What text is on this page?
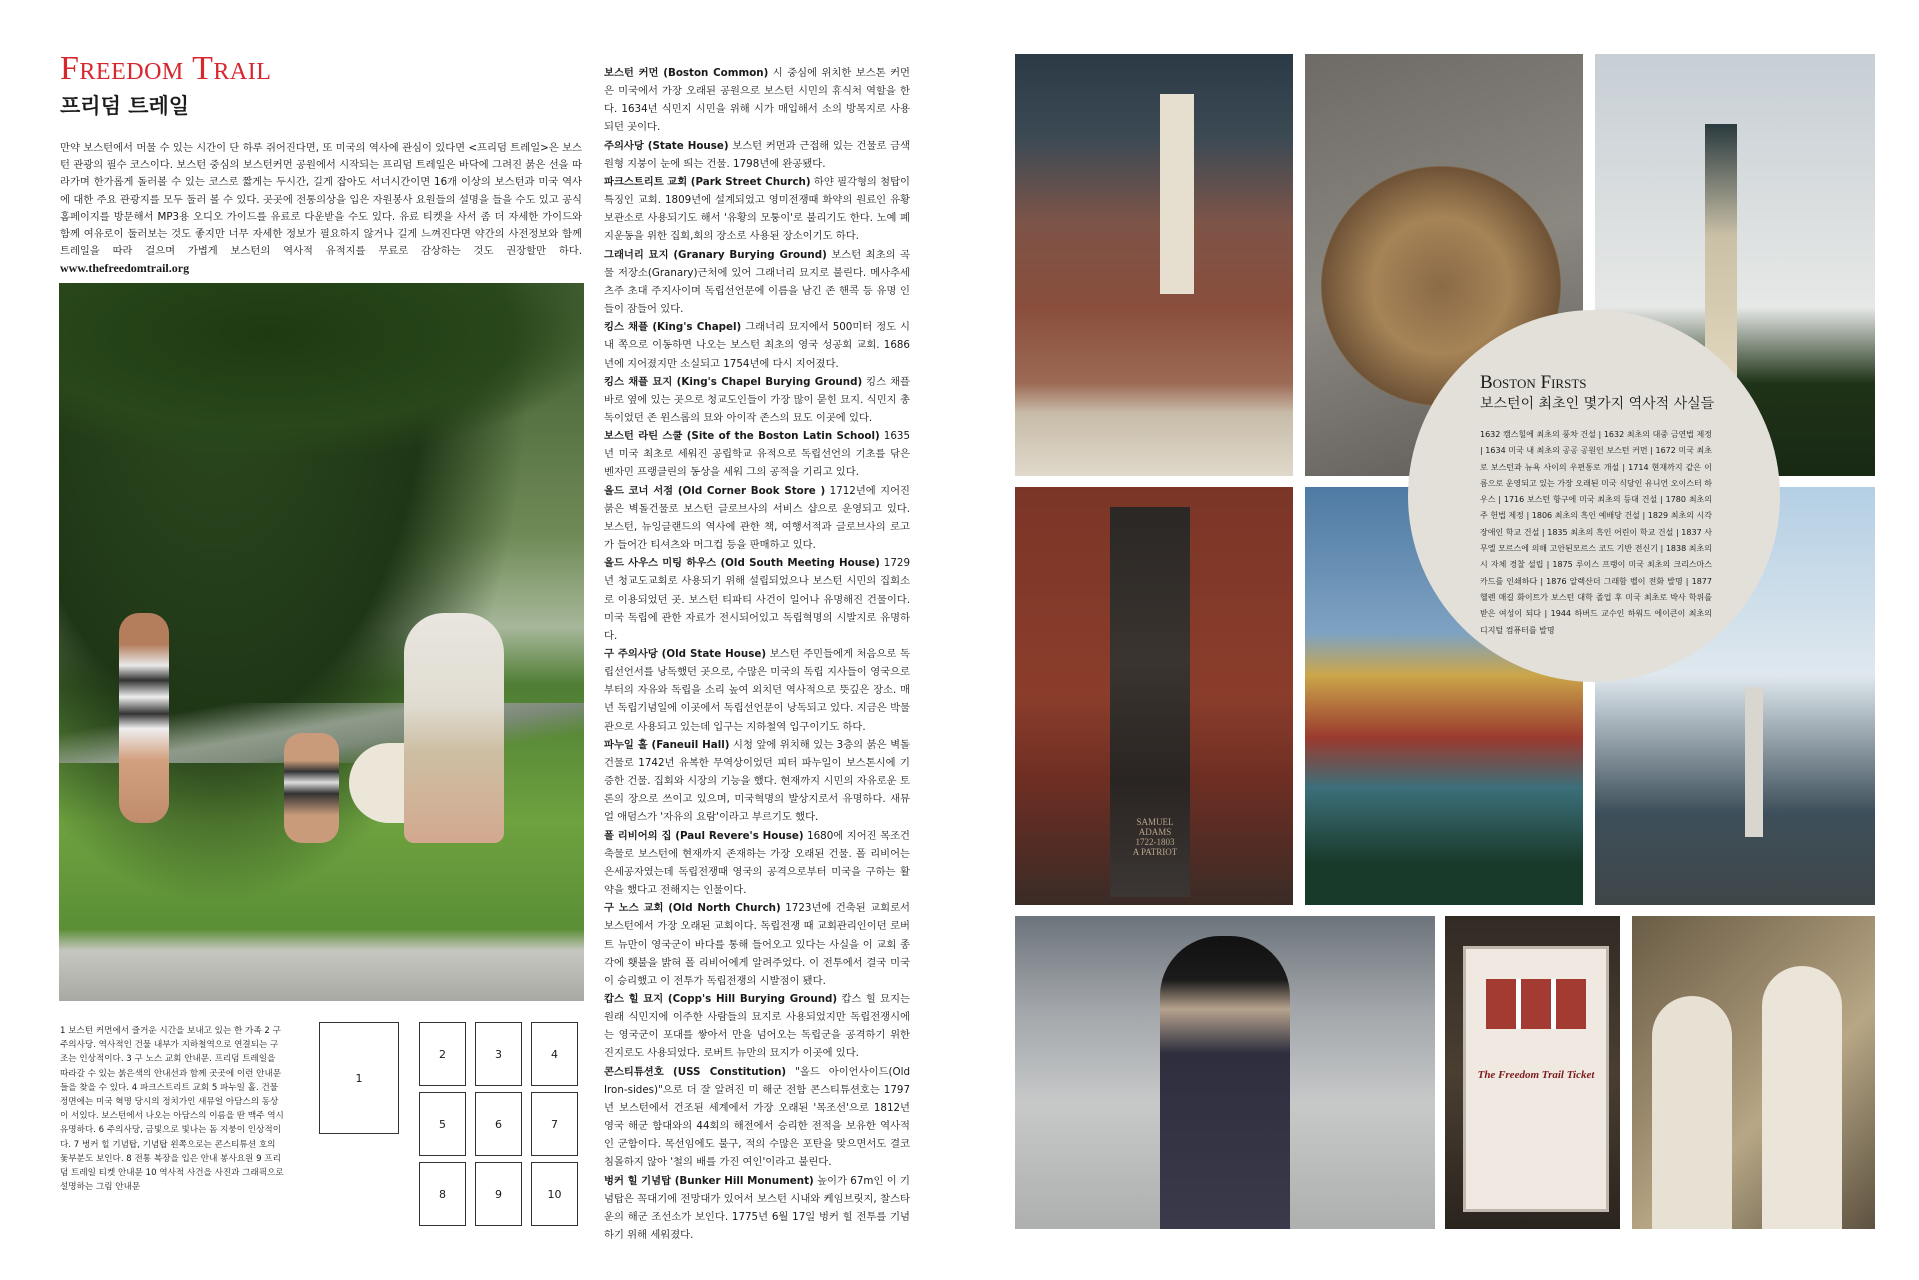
Freedom Trail
프리덤 트레일
만약 보스턴에서 머물 수 있는 시간이 단 하루 쥐어진다면, 또 미국의 역사에 관심이 있다면 <프리덤 트레일>은 보스턴 관광의 필수 코스이다. 보스턴 중심의 보스턴커먼 공원에서 시작되는 프리덤 트레일은 바닥에 그려진 붉은 선을 따라가며 한가롭게 돌러볼 수 있는 코스로 짧게는 두시간, 길게 잡아도 서너시간이면 16개 이상의 보스턴과 미국 역사에 대한 주요 관광지를 모두 둘러 볼 수 있다. 곳곳에 전통의상을 입은 자원봉사 요원들의 설명을 들을 수도 있고 공식 홈페이지를 방문해서 MP3용 오디오 가이드를 유료로 다운받을 수도 있다. 유료 티켓을 사서 좀 더 자세한 가이드와 함께 여유로이 둘러보는 것도 좋지만 너무 자세한 정보가 필요하지 않거나 길게 느껴진다면 약간의 사전정보와 함께 트레일을 따라 걸으며 가볍게 보스턴의 역사적 유적지를 무료로 감상하는 것도 권장할만 하다. www.thefreedomtrail.org
1 보스턴 커먼에서 즐거운 시간을 보내고 있는 한 가족 2 구 주의사당. 역사적인 건물 내부가 지하철역으로 연결되는 구조는 인상적이다. 3 구 노스 교회 안내문. 프리덤 트레일을 따라갈 수 있는 붉은색의 안내선과 함께 곳곳에 이런 안내문들을 찾을 수 있다. 4 파크스트리트 교회 5 파누일 홀. 건물 정면에는 미국 혁명 당시의 정치가인 새뮤얼 아담스의 동상이 서있다. 보스턴에서 나오는 아담스의 이름을 딴 맥주 역시 유명하다. 6 주의사당, 금빛으로 빛나는 돔 지붕이 인상적이다. 7 벙커 힐 기념탑, 기념탑 왼쪽으로는 콘스티튜션 호의 돛부분도 보인다. 8 전통 복장을 입은 안내 봉사요원 9 프리덤 트레일 티켓 안내문 10 역사적 사건을 사진과 그래픽으로 설명하는 그림 안내문
1
2	3	4
5	6	7
8	9	10

보스턴 커먼 (Boston Common) 시 중심에 위치한 보스톤 커먼은 미국에서 가장 오래된 공원으로 보스턴 시민의 휴식처 역할을 한다. 1634년 식민지 시민을 위해 시가 매입해서 소의 방목지로 사용되던 곳이다.

주의사당 (State House) 보스턴 커먼과 근접해 있는 건물로 금색 원형 지붕이 눈에 띄는 건물. 1798년에 완공됐다.

파크스트리트 교회 (Park Street Church) 하얀 필각형의 첨탑이 특징인 교회. 1809년에 설계되었고 영미전쟁때 화약의 원료인 유황 보관소로 사용되기도 해서 '유황의 모퉁이'로 불리기도 한다. 노예 폐지운동을 위한 집회,회의 장소로 사용된 장소이기도 하다.

그래너리 묘지 (Granary Burying Ground) 보스턴 최초의 곡물 저장소(Granary)근처에 있어 그래너리 묘지로 불린다. 메사추세츠주 초대 주지사이며 독립선언문에 이름을 남긴 존 핸콕 등 유명 인들이 잠들어 있다.

킹스 채플 (King's Chapel) 그래너리 묘지에서 500미터 정도 시내 쪽으로 이동하면 나오는 보스턴 최초의 영국 성공회 교회. 1686년에 지어졌지만 소실되고 1754년에 다시 지어졌다.

킹스 채플 묘지 (King's Chapel Burying Ground) 킹스 채플 바로 옆에 있는 곳으로 청교도인들이 가장 많이 묻힌 묘지. 식민지 총독이었던 존 윈스롭의 묘와 아이작 존스의 묘도 이곳에 있다.

보스턴 라틴 스쿨 (Site of the Boston Latin School) 1635년 미국 최초로 세워진 공립학교 유적으로 독립선언의 기초를 닦은 벤자민 프랭클린의 동상을 세워 그의 공적을 기리고 있다.

올드 코너 서점 (Old Corner Book Store ) 1712년에 지어진 붉은 벽돌건물로 보스턴 글로브사의 서비스 샵으로 운영되고 있다. 보스턴, 뉴잉글랜드의 역사에 관한 책, 여행서적과 글로브사의 로고가 들어간 티셔츠와 머그컵 등을 판매하고 있다.

올드 사우스 미팅 하우스 (Old South Meeting House) 1729년 청교도교회로 사용되기 위해 설립되었으나 보스턴 시민의 집회소로 이용되었던 곳. 보스턴 티파티 사건이 일어나 유명해진 건물이다. 미국 독립에 관한 자료가 전시되어있고 독립혁명의 시발지로 유명하다.

구 주의사당 (Old State House) 보스턴 주민들에게 처음으로 독립선언서를 낭독했던 곳으로, 수많은 미국의 독립 지사들이 영국으로부터의 자유와 독립을 소리 높여 외치던 역사적으로 뜻깊은 장소. 매년 독립기념일에 이곳에서 독립선언문이 낭독되고 있다. 지금은 박물관으로 사용되고 있는데 입구는 지하철역 입구이기도 하다.

파누일 홀 (Faneuil Hall) 시청 앞에 위치해 있는 3층의 붉은 벽돌건물로 1742년 유복한 무역상이었던 피터 파누일이 보스톤시에 기증한 건물. 집회와 시장의 기능을 했다. 현재까지 시민의 자유로운 토론의 장으로 쓰이고 있으며, 미국혁명의 발상지로서 유명하다. 새뮤얼 애덤스가 '자유의 요람'이라고 부르기도 했다.

폴 리비어의 집 (Paul Revere's House) 1680에 지어진 목조건축물로 보스턴에 현재까지 존재하는 가장 오래된 건물. 폴 리비어는 은세공자였는데 독립전쟁때 영국의 공격으로부터 미국을 구하는 활약을 했다고 전해지는 인물이다.

구 노스 교회 (Old North Church) 1723년에 건축된 교회로서 보스턴에서 가장 오래된 교회이다. 독립전쟁 때 교회관리인이던 로버트 뉴만이 영국군이 바다를 통해 들어오고 있다는 사실을 이 교회 종각에 횃불을 밝혀 폴 리비어에게 알려주었다. 이 전투에서 결국 미국이 승리했고 이 전투가 독립전쟁의 시발점이 됐다.

캅스 힐 묘지 (Copp's Hill Burying Ground) 캅스 힐 묘지는 원래 식민지에 이주한 사람들의 묘지로 사용되었지만 독립전쟁시에는 영국군이 포대를 쌓아서 만을 넘어오는 독립군을 공격하기 위한 진지로도 사용되었다. 로버트 뉴만의 묘지가 이곳에 있다.

콘스티튜션호 (USS Constitution) "올드 아이언사이드(Old Iron-sides)"으로 더 잘 알려진 미 해군 전함 콘스티튜션호는 1797년 보스턴에서 건조된 세계에서 가장 오래된 '목조선'으로 1812년 영국 해군 함대와의 44회의 해전에서 승리한 전적을 보유한 역사적인 군함이다. 목선임에도 불구, 적의 수많은 포탄을 맞으면서도 결코 침몰하지 않아 '철의 배를 가진 여인'이라고 불린다.

벙커 힐 기념탑 (Bunker Hill Monument) 높이가 67m인 이 기념탑은 꼭대기에 전망대가 있어서 보스턴 시내와 케임브릿지, 찰스타운의 해군 조선소가 보인다. 1775년 6월 17일 벙커 힐 전투를 기념하기 위해 세워졌다.

SAMUEL ADAMS
1722-1803
A PATRIOT
The Freedom Trail Ticket
Boston Firsts
보스턴이 최초인 몇가지 역사적 사실들
1632 캠스힐에 최초의 풍차 건설 | 1632 최초의 대중 금연법 제정 | 1634 미국 내 최초의 공공 공원인 보스턴 커먼 | 1672 미국 최초로 보스턴과 뉴욕 사이의 우편통로 개설 | 1714 현재까지 같은 이름으로 운영되고 있는 가장 오래된 미국 식당인 유니언 오이스터 하우스 | 1716 보스턴 항구에 미국 최초의 등대 건설 | 1780 최초의 주 헌법 제정 | 1806 최초의 흑인 예배당 건설 | 1829 최초의 시각장애인 학교 건설 | 1835 최초의 흑인 어린이 학교 건설 | 1837 사무엘 모르스에 의해 고안된모르스 코드 기반 전신기 | 1838 최초의 시 자체 경찰 설립 | 1875 루이스 프랭이 미국 최초의 크리스마스 카드를 인쇄하다 | 1876 알렉산더 그래함 벨이 전화 발명 | 1877 헬렌 매길 화이트가 보스턴 대학 졸업 후 미국 최초로 박사 학위를 받은 여성이 되다 | 1944 하버드 교수인 하워드 에이큰이 최초의 디지털 컴퓨터를 발명
